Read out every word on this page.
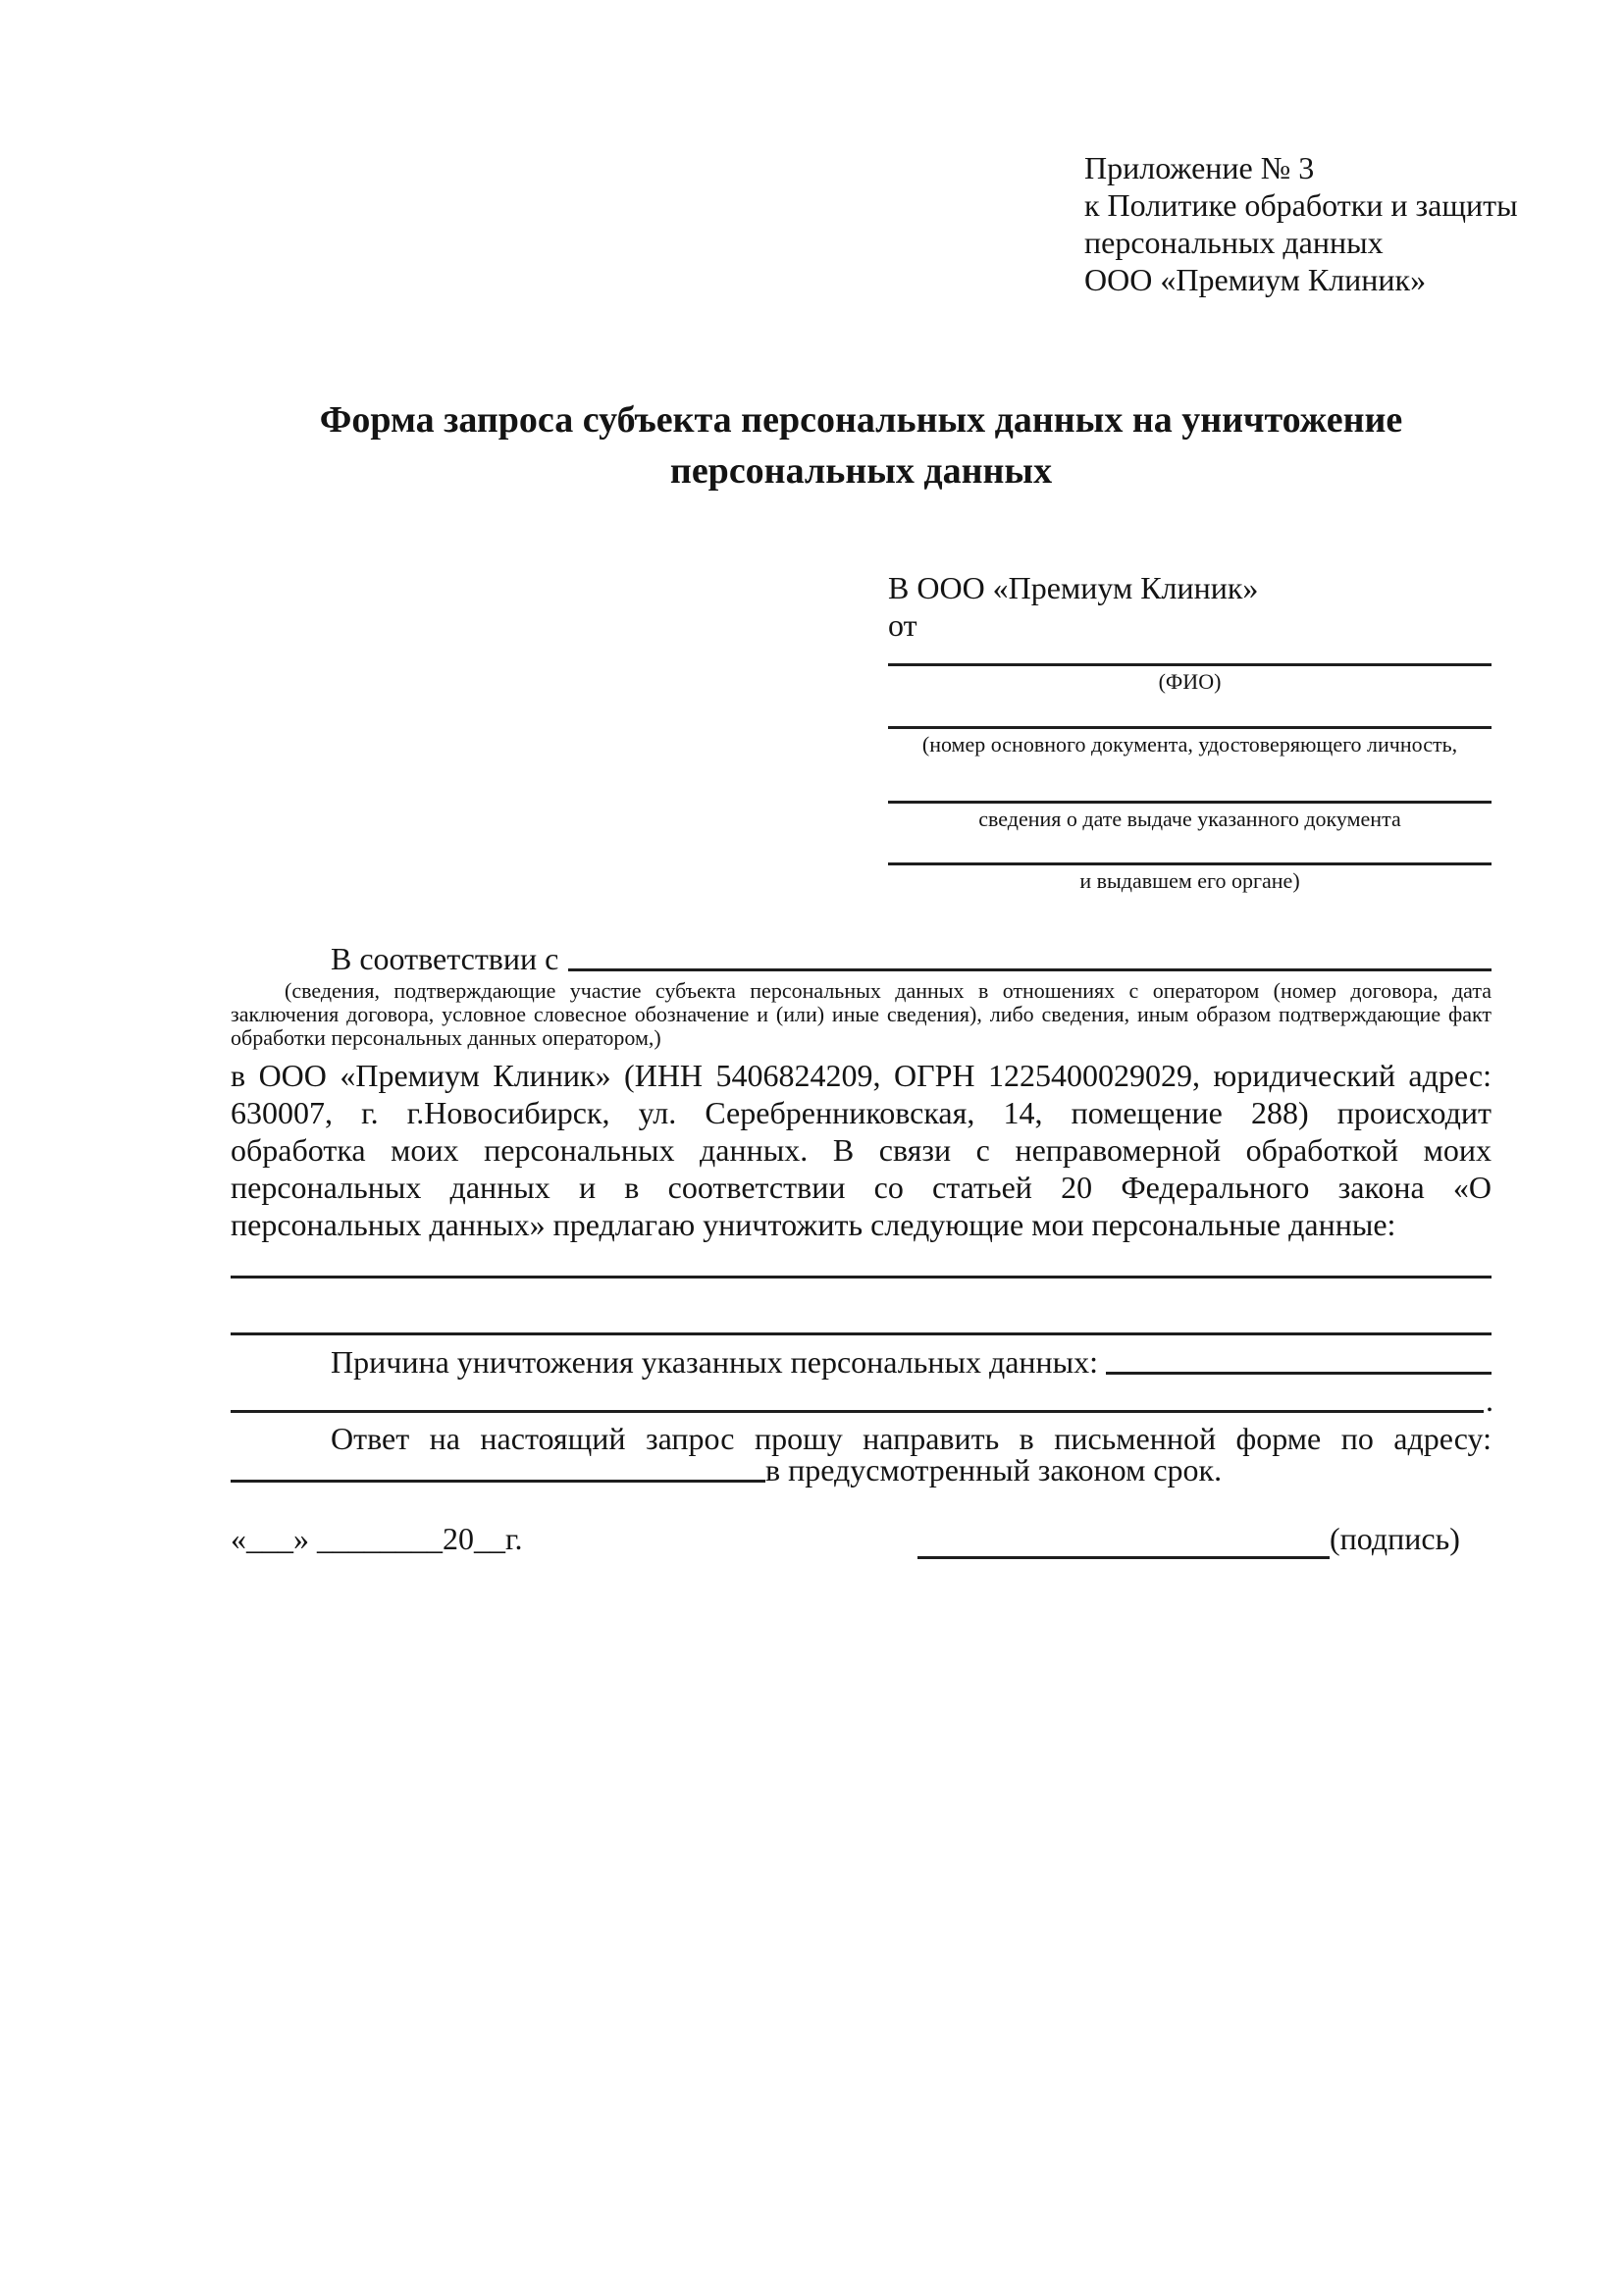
Приложение № 3
к Политике обработки и защиты
персональных данных
ООО «Премиум Клиник»
Форма запроса субъекта персональных данных на уничтожение
персональных данных
В ООО «Премиум Клиник»
от
(ФИО)
(номер основного документа, удостоверяющего личность,
сведения о дате выдаче указанного документа
и выдавшем его органе)
В соответствии с
(сведения, подтверждающие участие субъекта персональных данных в отношениях с оператором (номер договора, дата заключения договора, условное словесное обозначение и (или) иные сведения), либо сведения, иным образом подтверждающие факт обработки персональных данных оператором,)
в ООО «Премиум Клиник» (ИНН 5406824209, ОГРН 1225400029029, юридический адрес:
630007, г. г.Новосибирск, ул. Серебренниковская, 14, помещение 288) происходит
обработка моих персональных данных. В связи с неправомерной обработкой моих
персональных данных и в соответствии со статьей 20 Федерального закона «О
персональных данных» предлагаю уничтожить следующие мои персональные данные:
Причина уничтожения указанных персональных данных:
.
Ответ на настоящий запрос прошу направить в письменной форме по адресу:
в предусмотренный законом срок.
«___» ________20__г.	(подпись)
